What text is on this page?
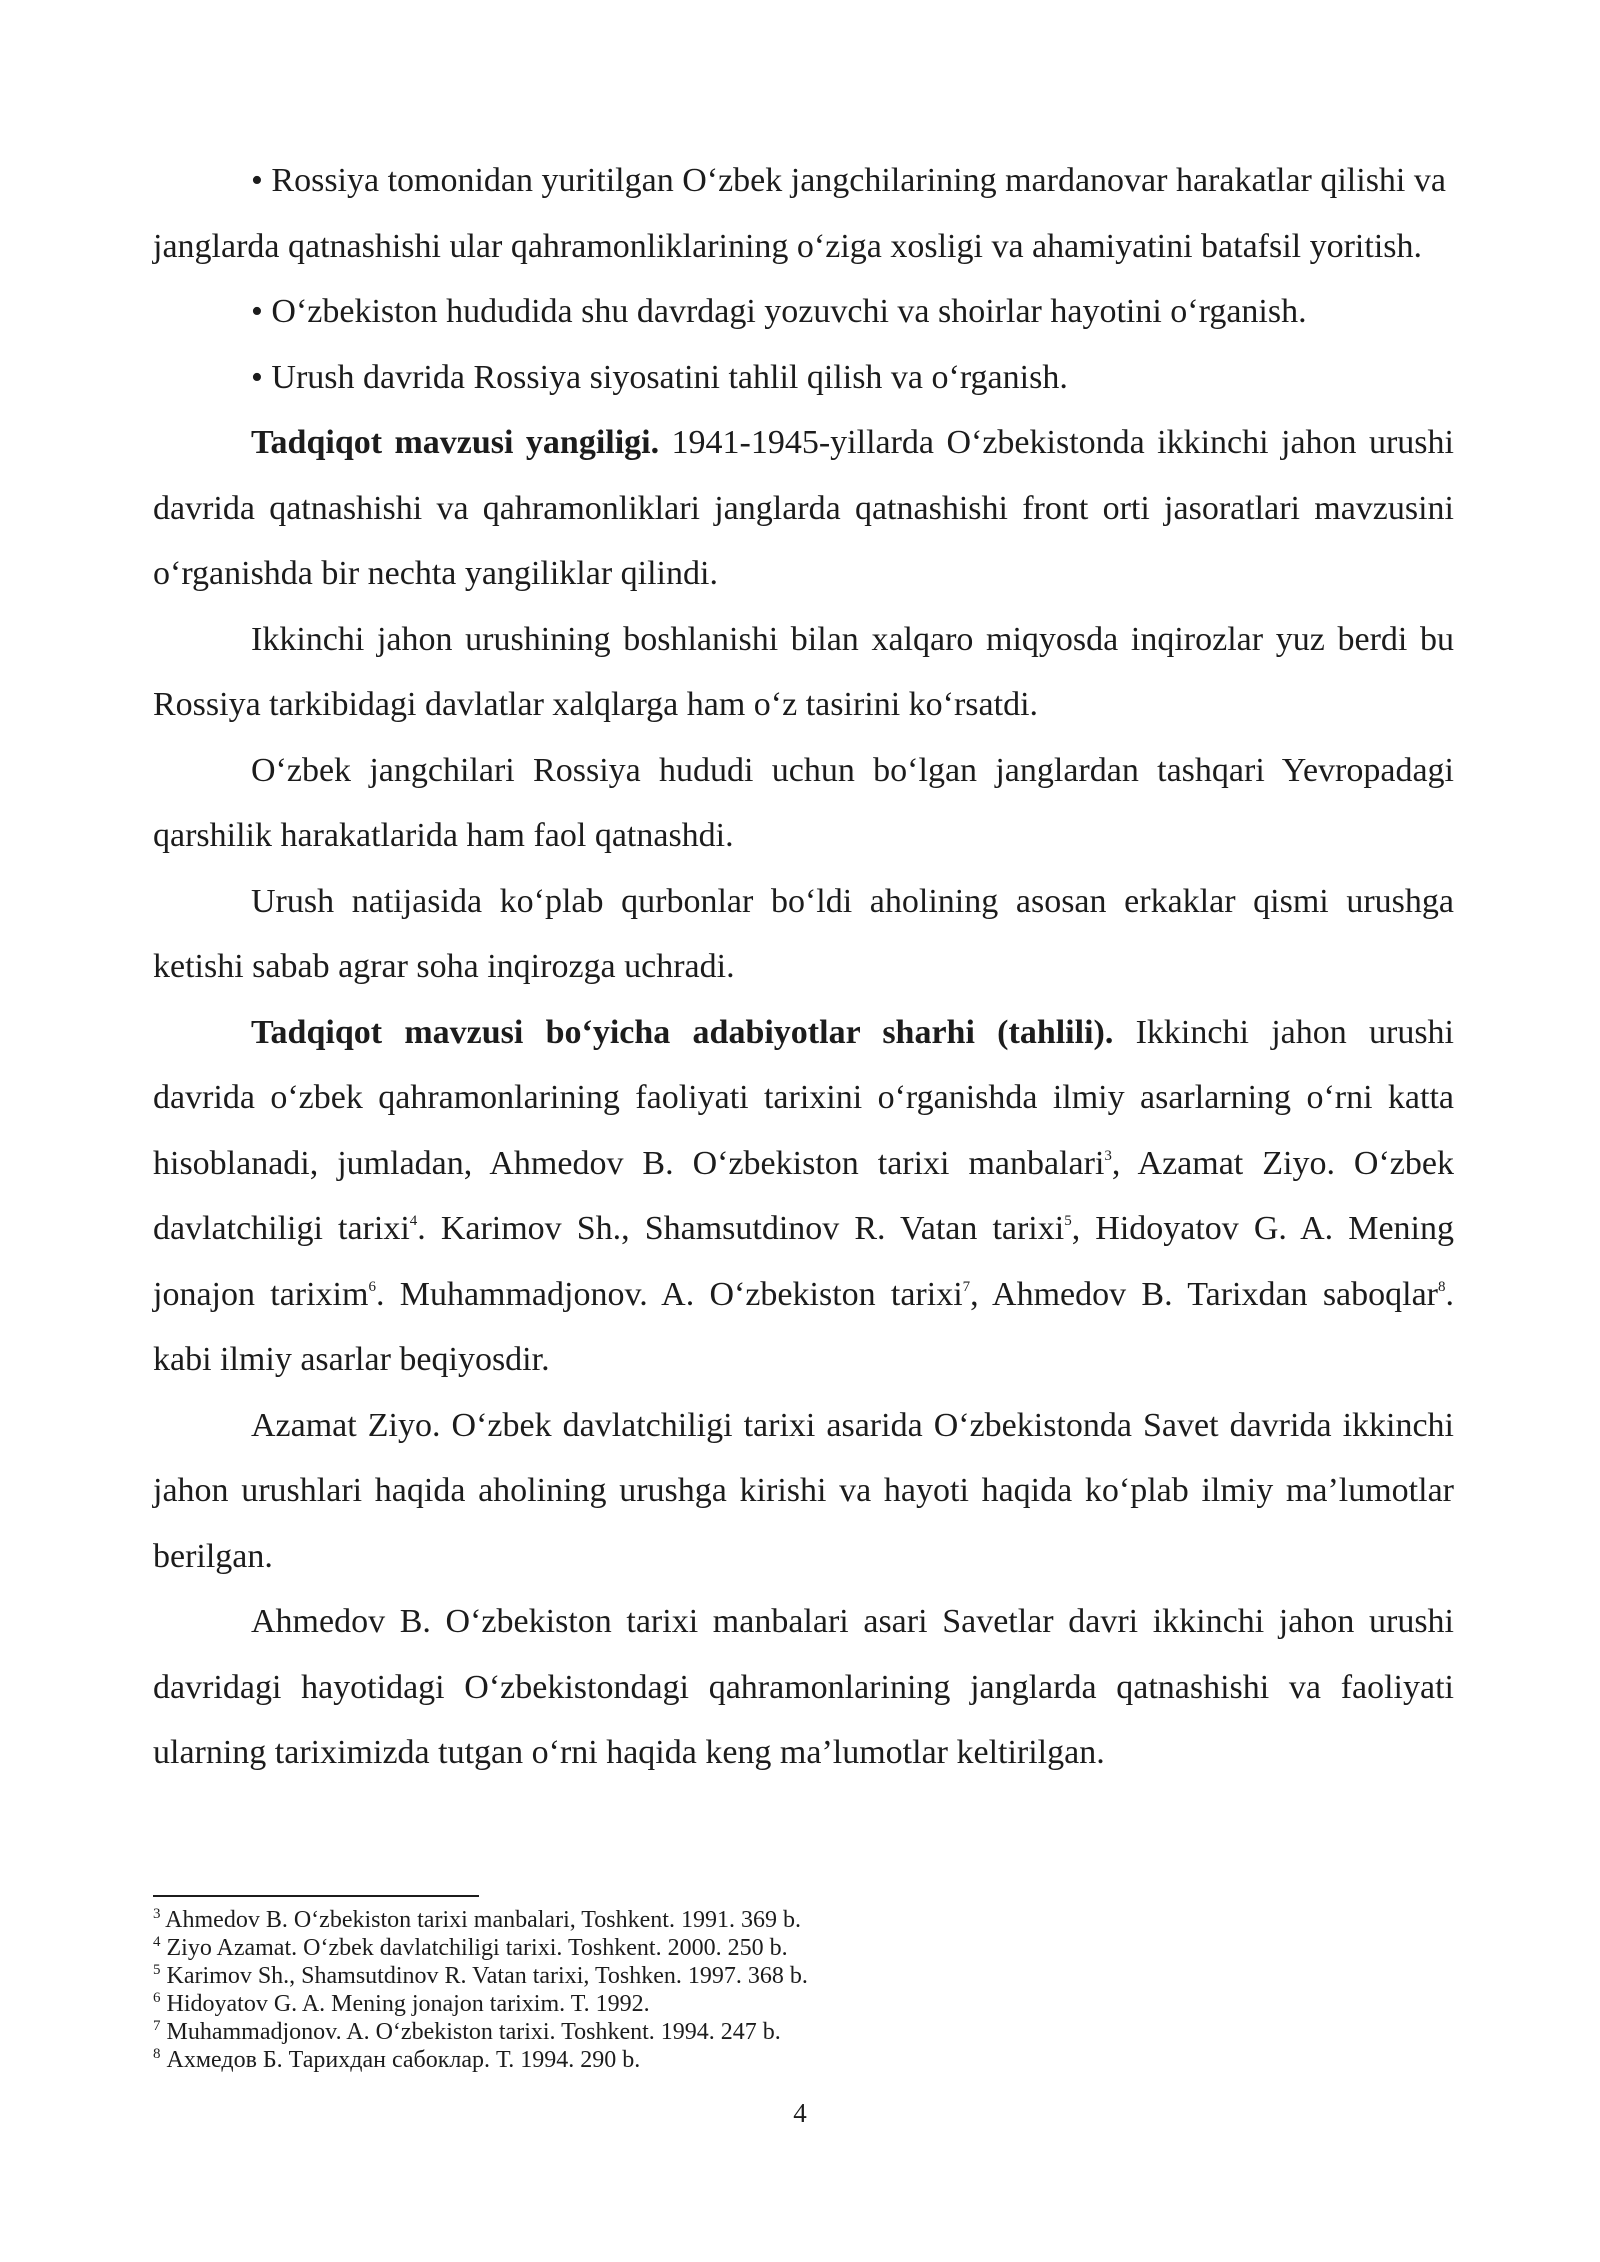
• Rossiya tomonidan yuritilgan O‘zbek jangchilarining mardanovar harakatlar qilishi va janglarda qatnashishi ular qahramonliklarining o‘ziga xosligi va ahamiyatini batafsil yoritish.

• O‘zbekiston hududida shu davrdagi yozuvchi va shoirlar hayotini o‘rganish.

• Urush davrida Rossiya siyosatini tahlil qilish va o‘rganish.

Tadqiqot mavzusi yangiligi. 1941-1945-yillarda O‘zbekistonda ikkinchi jahon urushi davrida qatnashishi va qahramonliklari janglarda qatnashishi front orti jasoratlari mavzusini o‘rganishda bir nechta yangiliklar qilindi.

Ikkinchi jahon urushining boshlanishi bilan xalqaro miqyosda inqirozlar yuz berdi bu Rossiya tarkibidagi davlatlar xalqlarga ham o‘z tasirini ko‘rsatdi.

O‘zbek jangchilari Rossiya hududi uchun bo‘lgan janglardan tashqari Yevropadagi qarshilik harakatlarida ham faol qatnashdi.

Urush natijasida ko‘plab qurbonlar bo‘ldi aholining asosan erkaklar qismi urushga ketishi sabab agrar soha inqirozga uchradi.

Tadqiqot mavzusi bo‘yicha adabiyotlar sharhi (tahlili). Ikkinchi jahon urushi davrida o‘zbek qahramonlarining faoliyati tarixini o‘rganishda ilmiy asarlarning o‘rni katta hisoblanadi, jumladan, Ahmedov B. O‘zbekiston tarixi manbalari$^3$, Azamat Ziyo. O‘zbek davlatchiligi tarixi$^4$. Karimov Sh., Shamsutdinov R. Vatan tarixi$^5$, Hidoyatov G. A. Mening jonajon tarixim$^6$. Muhammadjonov. A. O‘zbekiston tarixi$^7$, Ahmedov B. Tarixdan saboqlar$^8$. kabi ilmiy asarlar beqiyosdir.

Azamat Ziyo. O‘zbek davlatchiligi tarixi asarida O‘zbekistonda Savet davrida ikkinchi jahon urushlari haqida aholining urushga kirishi va hayoti haqida ko‘plab ilmiy ma’lumotlar berilgan.

Ahmedov B. O‘zbekiston tarixi manbalari asari Savetlar davri ikkinchi jahon urushi davridagi hayotidagi O‘zbekistondagi qahramonlarining janglarda qatnashishi va faoliyati ularning tariximizda tutgan o‘rni haqida keng ma’lumotlar keltirilgan.

$^3$ Ahmedov B. O‘zbekiston tarixi manbalari, Toshkent. 1991. 369 b.

$^4$ Ziyo Azamat. O‘zbek davlatchiligi tarixi. Toshkent. 2000. 250 b.

$^5$ Karimov Sh., Shamsutdinov R. Vatan tarixi, Toshken. 1997. 368 b.

$^6$ Hidoyatov G. A. Mening jonajon tarixim. T. 1992.

$^7$ Muhammadjonov. A. O‘zbekiston tarixi. Toshkent. 1994. 247 b.

$^8$ Ахмедов Б. Тарихдан сабоклар. Т. 1994. 290 b.

4
